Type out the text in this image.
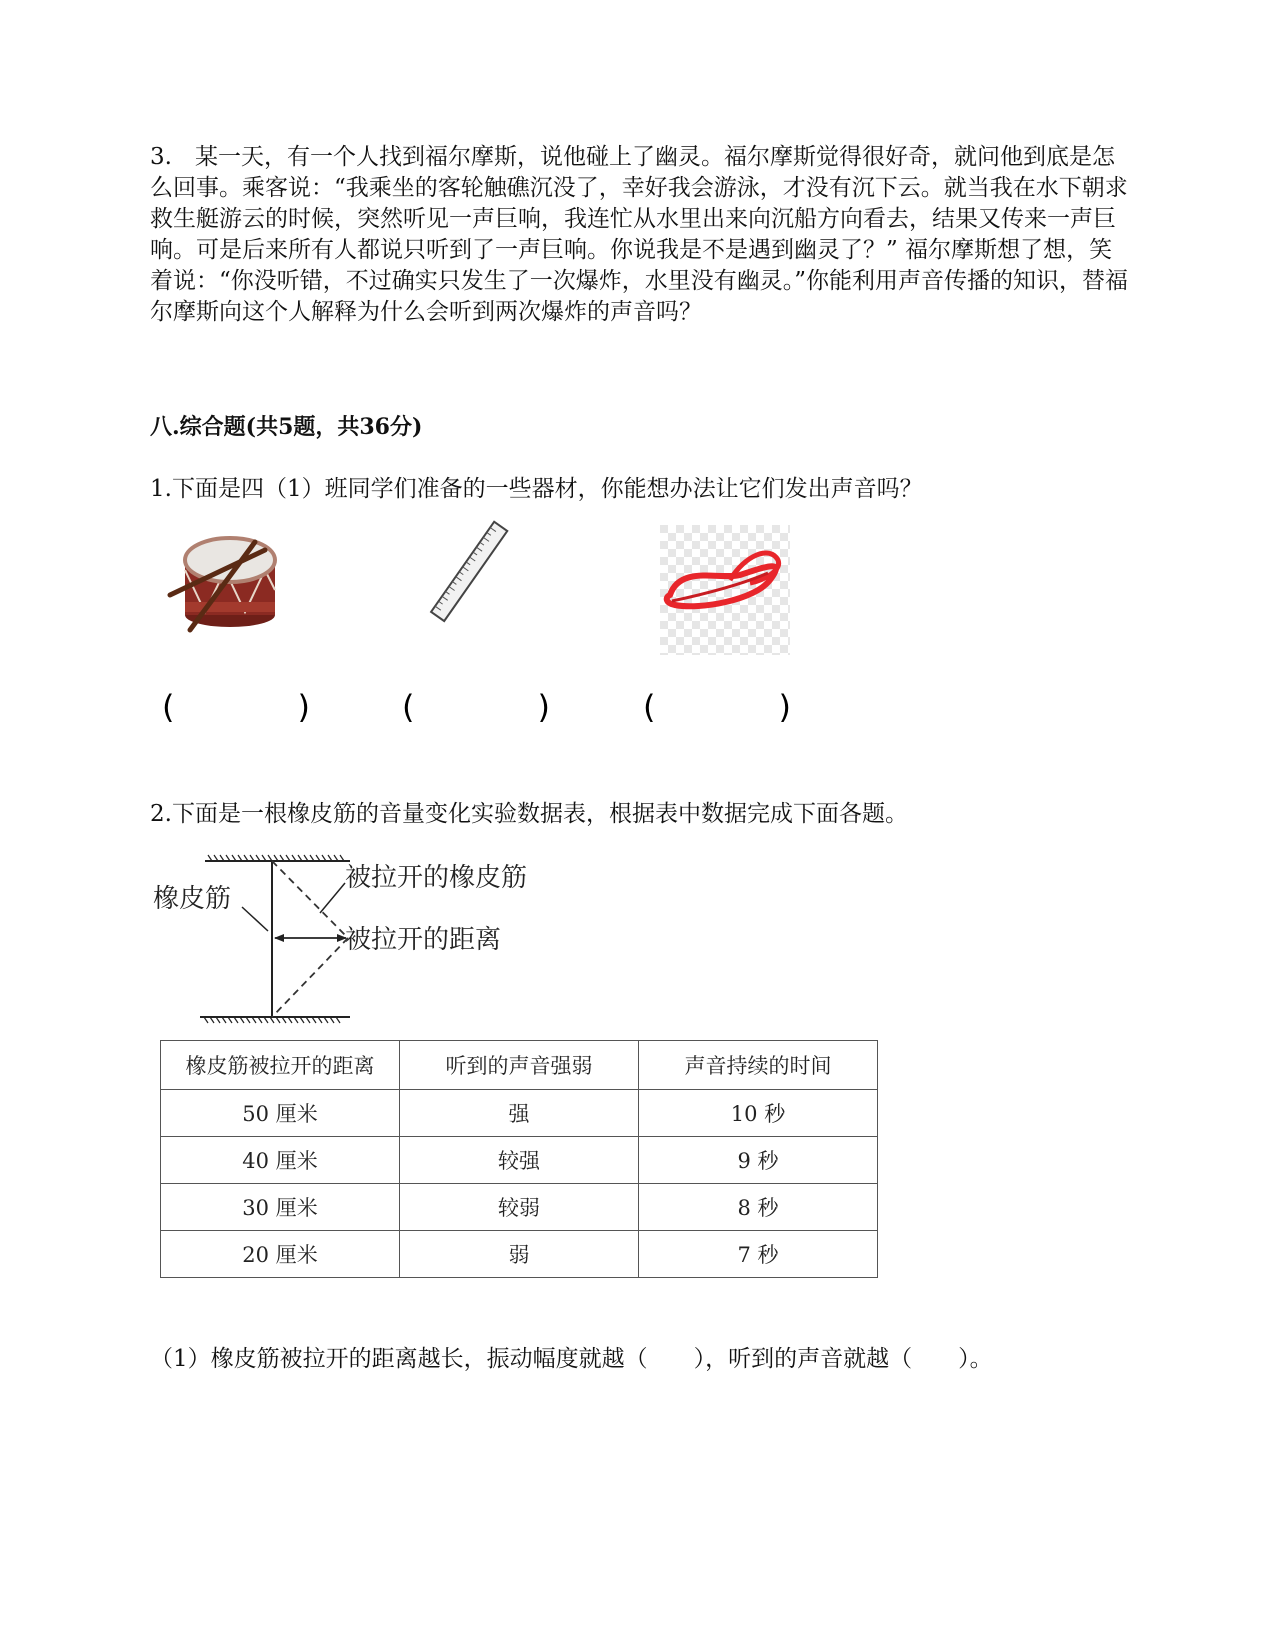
3.　某一天，有一个人找到福尔摩斯，说他碰上了幽灵。福尔摩斯觉得很好奇，就问他到底是怎么回事。乘客说：“我乘坐的客轮触礁沉没了，幸好我会游泳，才没有沉下云。就当我在水下朝求救生艇游云的时候，突然听见一声巨响，我连忙从水里出来向沉船方向看去，结果又传来一声巨响。可是后来所有人都说只听到了一声巨响。你说我是不是遇到幽灵了？” 福尔摩斯想了想，笑着说：“你没听错，不过确实只发生了一次爆炸，水里没有幽灵。”你能利用声音传播的知识，替福尔摩斯向这个人解释为什么会听到两次爆炸的声音吗？

八.综合题(共5题，共36分)
1.下面是四（1）班同学们准备的一些器材，你能想办法让它们发出声音吗？
(	)	(	)	(	)
2.下面是一根橡皮筋的音量变化实验数据表，根据表中数据完成下面各题。
橡皮筋
被拉开的橡皮筋
被拉开的距离
橡皮筋被拉开的距离	听到的声音强弱	声音持续的时间
50 厘米	强	10 秒
40 厘米	较强	9 秒
30 厘米	较弱	8 秒
20 厘米	弱	7 秒
（1）橡皮筋被拉开的距离越长，振动幅度就越（　　），听到的声音就越（　　）。
